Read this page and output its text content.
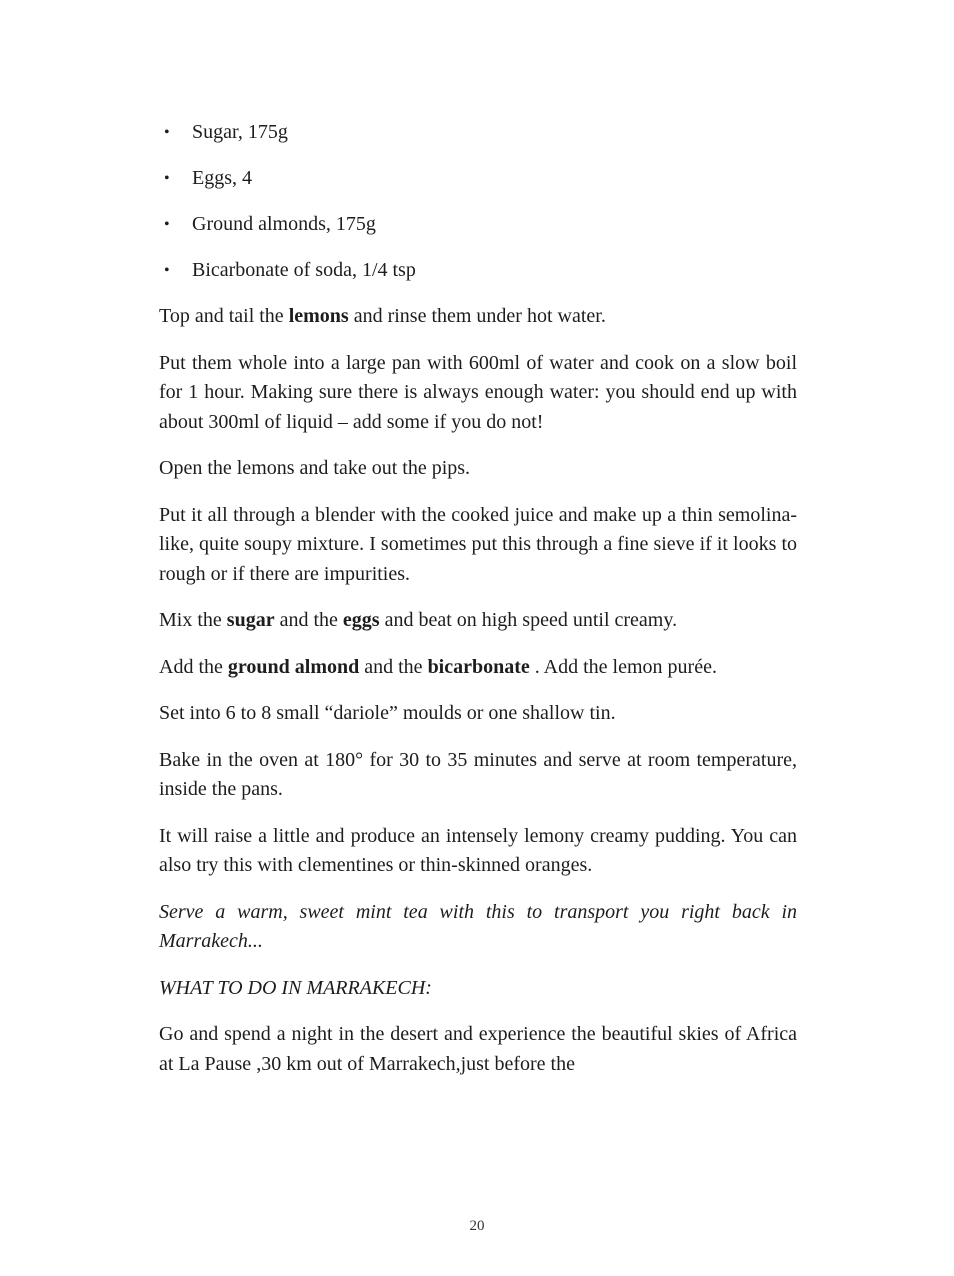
•	Sugar, 175g
•	Eggs, 4
•	Ground almonds, 175g
•	Bicarbonate of soda, 1/4 tsp

Top and tail the lemons and rinse them under hot water.

Put them whole into a large pan with 600ml of water and cook on a slow boil for 1 hour. Making sure there is always enough water: you should end up with about 300ml of liquid – add some if you do not!

Open the lemons and take out the pips.

Put it all through a blender with the cooked juice and make up a thin semolina-like, quite soupy mixture. I sometimes put this through a fine sieve if it looks to rough or if there are impurities.

Mix the sugar and the eggs and beat on high speed until creamy.

Add the ground almond and the bicarbonate . Add the lemon purée.

Set into 6 to 8 small “dariole” moulds or one shallow tin.

Bake in the oven at 180° for 30 to 35 minutes and serve at room temperature, inside the pans.

It will raise a little and produce an intensely lemony creamy pudding. You can also try this with clementines or thin-skinned oranges.

Serve a warm, sweet mint tea with this to transport you right back in Marrakech...

WHAT TO DO IN MARRAKECH:

Go and spend a night in the desert and experience the beautiful skies of Africa at La Pause ,30 km out of Marrakech,just before the

20
